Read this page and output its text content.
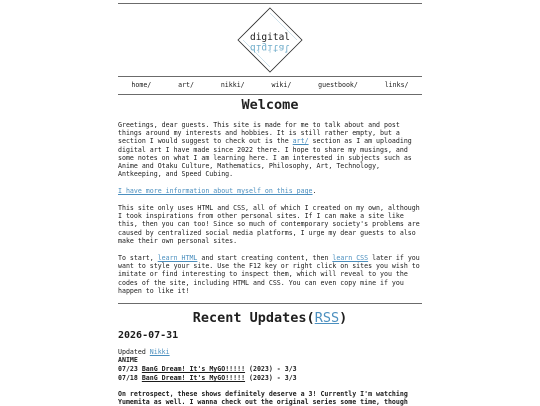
digital
digital
home/	art/	nikki/	wiki/	guestbook/	links/
Welcome

Greetings, dear guests. This site is made for me to talk about and post things around my interests and hobbies. It is still rather empty, but a section I would suggest to check out is the art/ section as I am uploading digital art I have made since 2022 there. I hope to share my musings, and some notes on what I am learning here. I am interested in subjects such as Anime and Otaku Culture, Mathematics, Philosophy, Art, Technology, Antkeeping, and Speed Cubing.

I have more information about myself on this page.

This site only uses HTML and CSS, all of which I created on my own, although I took inspirations from other personal sites. If I can make a site like this, then you can too! Since so much of contemporary society's problems are caused by centralized social media platforms, I urge my dear guests to also make their own personal sites.

To start, learn HTML and start creating content, then learn CSS later if you want to style your site. Use the F12 key or right click on sites you wish to imitate or find interesting to inspect them, which will reveal to you the codes of the site, including HTML and CSS. You can even copy mine if you happen to like it!

Recent Updates(RSS)

2026-07-31

Updated Nikki

ANIME

07/23 BanG Dream! It's MyGO!!!!! (2023) - 3/3

07/18 BanG Dream! It's MyGO!!!!! (2023) - 3/3

On retrospect, these shows definitely deserve a 3! Currently I'm watching Yumemita as well. I wanna check out the original series some time, though
